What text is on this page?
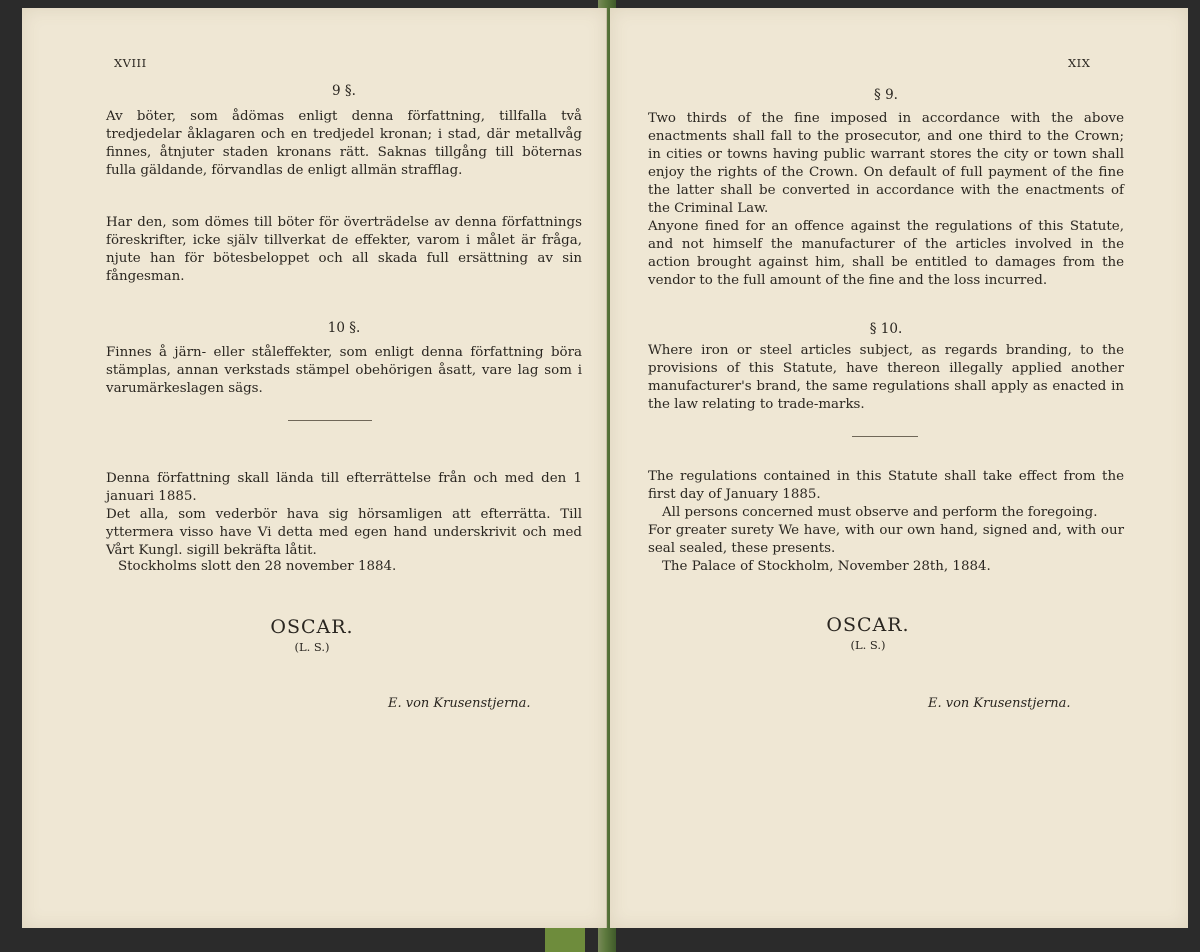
XVIII
9 §.

Av böter, som ådömas enligt denna författning, tillfalla två tredjedelar åklagaren och en tredjedel kronan; i stad, där metallvåg finnes, åtnjuter staden kronans rätt. Saknas tillgång till böternas fulla gäldande, förvandlas de enligt allmän strafflag.

Har den, som dömes till böter för överträdelse av denna författnings föreskrifter, icke själv tillverkat de effekter, varom i målet är fråga, njute han för bötesbeloppet och all skada full ersättning av sin fångesman.

10 §.

Finnes å järn- eller ståleffekter, som enligt denna författning böra stämplas, annan verkstads stämpel obehörigen åsatt, vare lag som i varumärkeslagen sägs.

Denna författning skall lända till efterrättelse från och med den 1 januari 1885.

Det alla, som vederbör hava sig hörsamligen att efterrätta. Till yttermera visso have Vi detta med egen hand underskrivit och med Vårt Kungl. sigill bekräfta låtit.

Stockholms slott den 28 november 1884.

OSCAR.
(L. S.)
E. von Krusenstjerna.
XIX
§ 9.

Two thirds of the fine imposed in accordance with the above enactments shall fall to the prosecutor, and one third to the Crown; in cities or towns having public warrant stores the city or town shall enjoy the rights of the Crown. On default of full payment of the fine the latter shall be converted in accordance with the enactments of the Criminal Law.

Anyone fined for an offence against the regulations of this Statute, and not himself the manufacturer of the articles involved in the action brought against him, shall be entitled to damages from the vendor to the full amount of the fine and the loss incurred.

§ 10.

Where iron or steel articles subject, as regards branding, to the provisions of this Statute, have thereon illegally applied another manufacturer's brand, the same regulations shall apply as enacted in the law relating to trade-marks.

The regulations contained in this Statute shall take effect from the first day of January 1885.

All persons concerned must observe and perform the foregoing.

For greater surety We have, with our own hand, signed and, with our seal sealed, these presents.

The Palace of Stockholm, November 28th, 1884.

OSCAR.
(L. S.)
E. von Krusenstjerna.
